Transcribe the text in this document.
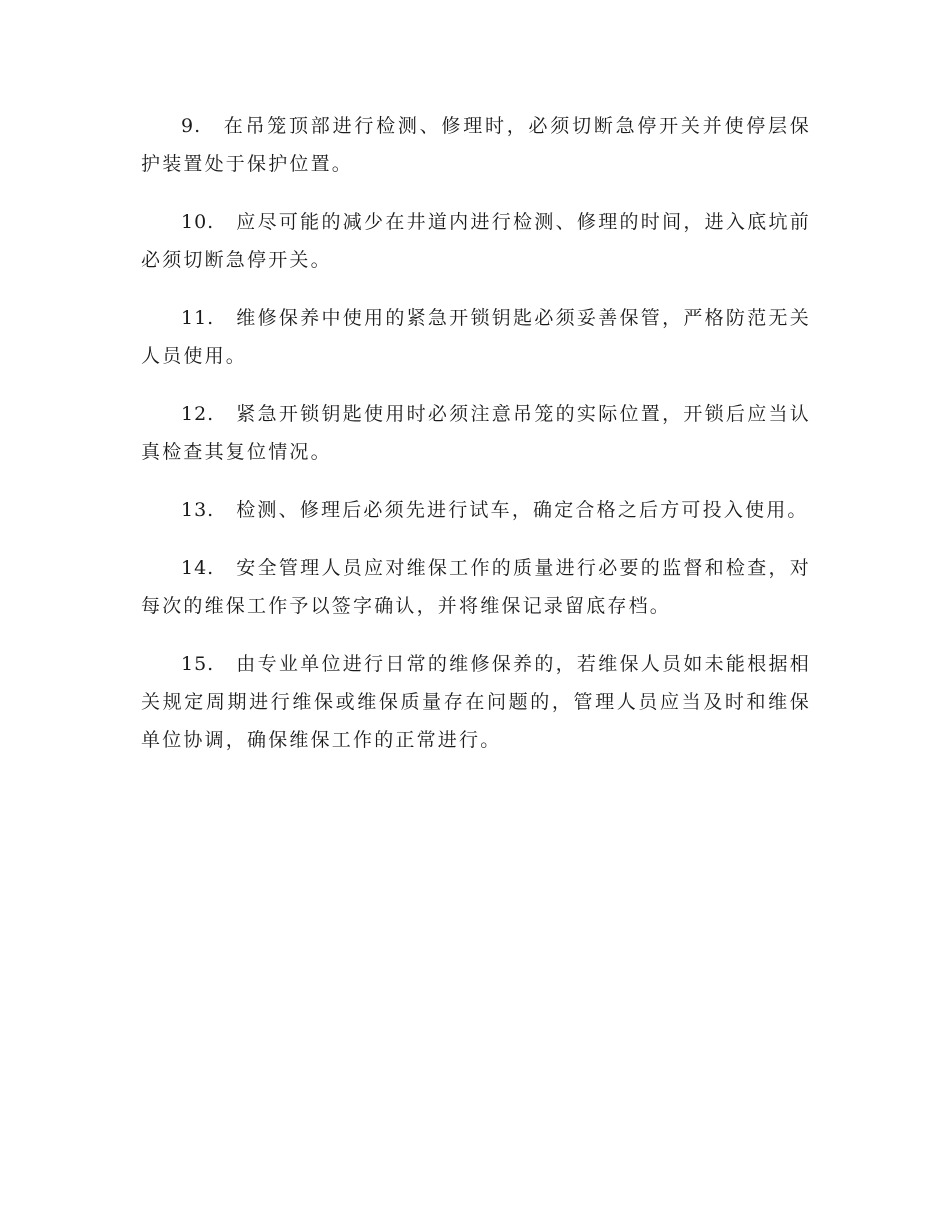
9. 在吊笼顶部进行检测、修理时，必须切断急停开关并使停层保护装置处于保护位置。

10. 应尽可能的减少在井道内进行检测、修理的时间，进入底坑前必须切断急停开关。

11. 维修保养中使用的紧急开锁钥匙必须妥善保管，严格防范无关人员使用。

12. 紧急开锁钥匙使用时必须注意吊笼的实际位置，开锁后应当认真检查其复位情况。

13. 检测、修理后必须先进行试车，确定合格之后方可投入使用。

14. 安全管理人员应对维保工作的质量进行必要的监督和检查，对每次的维保工作予以签字确认，并将维保记录留底存档。

15. 由专业单位进行日常的维修保养的，若维保人员如未能根据相关规定周期进行维保或维保质量存在问题的，管理人员应当及时和维保单位协调，确保维保工作的正常进行。
